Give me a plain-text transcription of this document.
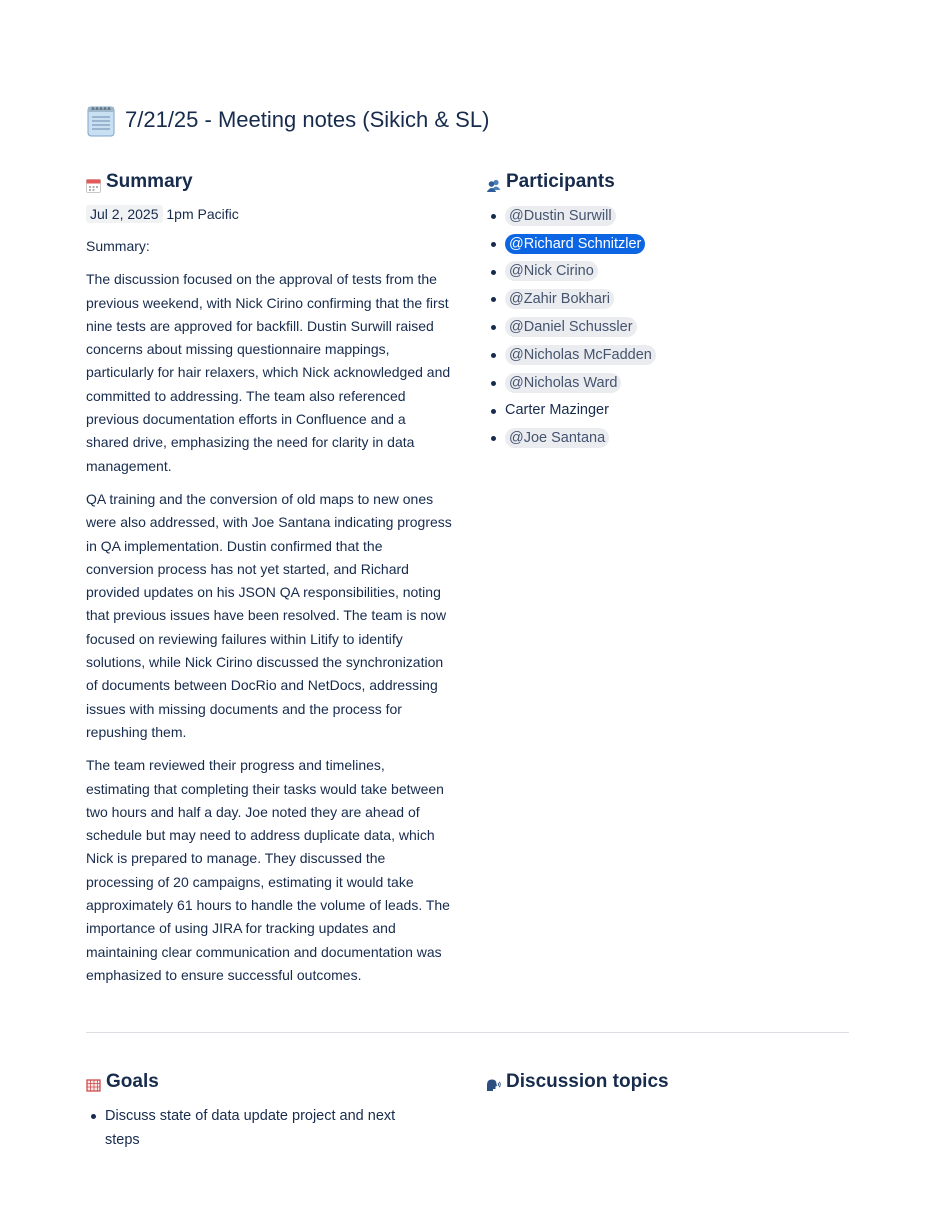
7/21/25 - Meeting notes (Sikich & SL)
Summary
Jul 2, 2025 1pm Pacific

Summary:

The discussion focused on the approval of tests from the previous weekend, with Nick Cirino confirming that the first nine tests are approved for backfill. Dustin Surwill raised concerns about missing questionnaire mappings, particularly for hair relaxers, which Nick acknowledged and committed to addressing. The team also referenced previous documentation efforts in Confluence and a shared drive, emphasizing the need for clarity in data management.

QA training and the conversion of old maps to new ones were also addressed, with Joe Santana indicating progress in QA implementation. Dustin confirmed that the conversion process has not yet started, and Richard provided updates on his JSON QA responsibilities, noting that previous issues have been resolved. The team is now focused on reviewing failures within Litify to identify solutions, while Nick Cirino discussed the synchronization of documents between DocRio and NetDocs, addressing issues with missing documents and the process for repushing them.

The team reviewed their progress and timelines, estimating that completing their tasks would take between two hours and half a day. Joe noted they are ahead of schedule but may need to address duplicate data, which Nick is prepared to manage. They discussed the processing of 20 campaigns, estimating it would take approximately 61 hours to handle the volume of leads. The importance of using JIRA for tracking updates and maintaining clear communication and documentation was emphasized to ensure successful outcomes.

Participants
@Dustin Surwill
@Richard Schnitzler
@Nick Cirino
@Zahir Bokhari
@Daniel Schussler
@Nicholas McFadden
@Nicholas Ward
Carter Mazinger
@Joe Santana
Goals
Discuss state of data update project and next steps
Discussion topics
